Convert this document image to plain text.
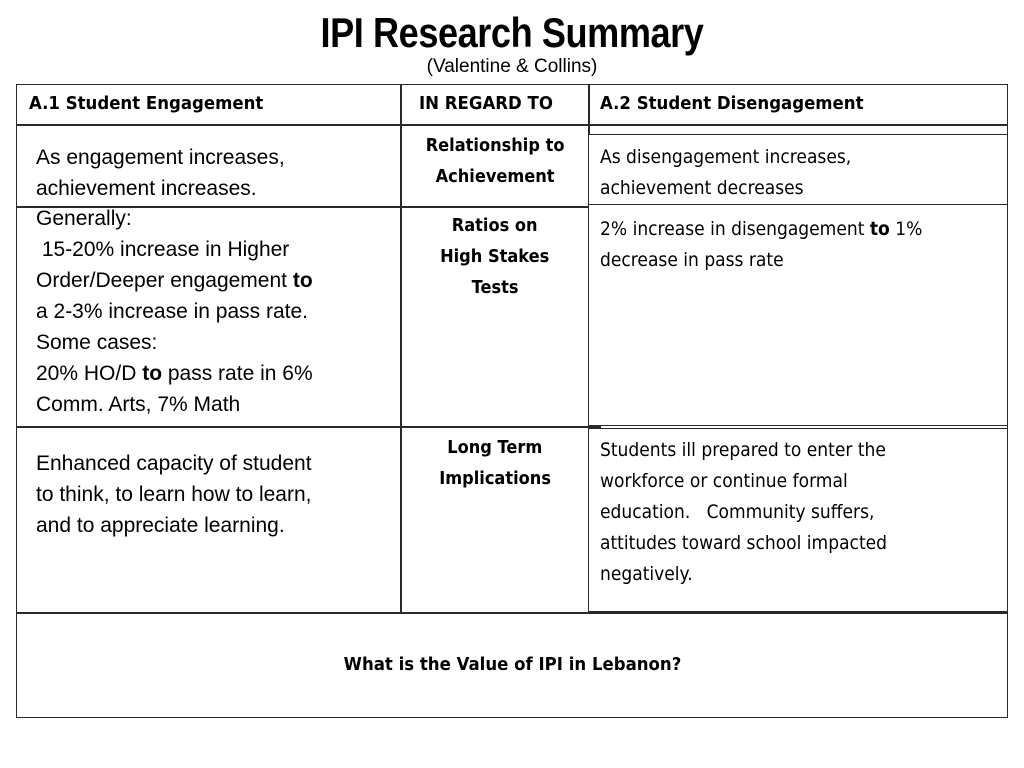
IPI Research Summary
(Valentine & Collins)
A.1 Student Engagement	IN REGARD TO	A.2 Student Disengagement
As engagement increases,
achievement increases.
Relationship to
Achievement
As disengagement increases,
achievement decreases
Generally:
15-20% increase in Higher
Order/Deeper engagement to
a 2-3% increase in pass rate.
Some cases:
20% HO/D to pass rate in 6%
Comm. Arts, 7% Math
Ratios on
High Stakes
Tests
2% increase in disengagement to 1%
decrease in pass rate
Enhanced capacity of student
to think, to learn how to learn,
and to appreciate learning.
Long Term
Implications
Students ill prepared to enter the
workforce or continue formal
education.   Community suffers,
attitudes toward school impacted
negatively.
What is the Value of IPI in Lebanon?
